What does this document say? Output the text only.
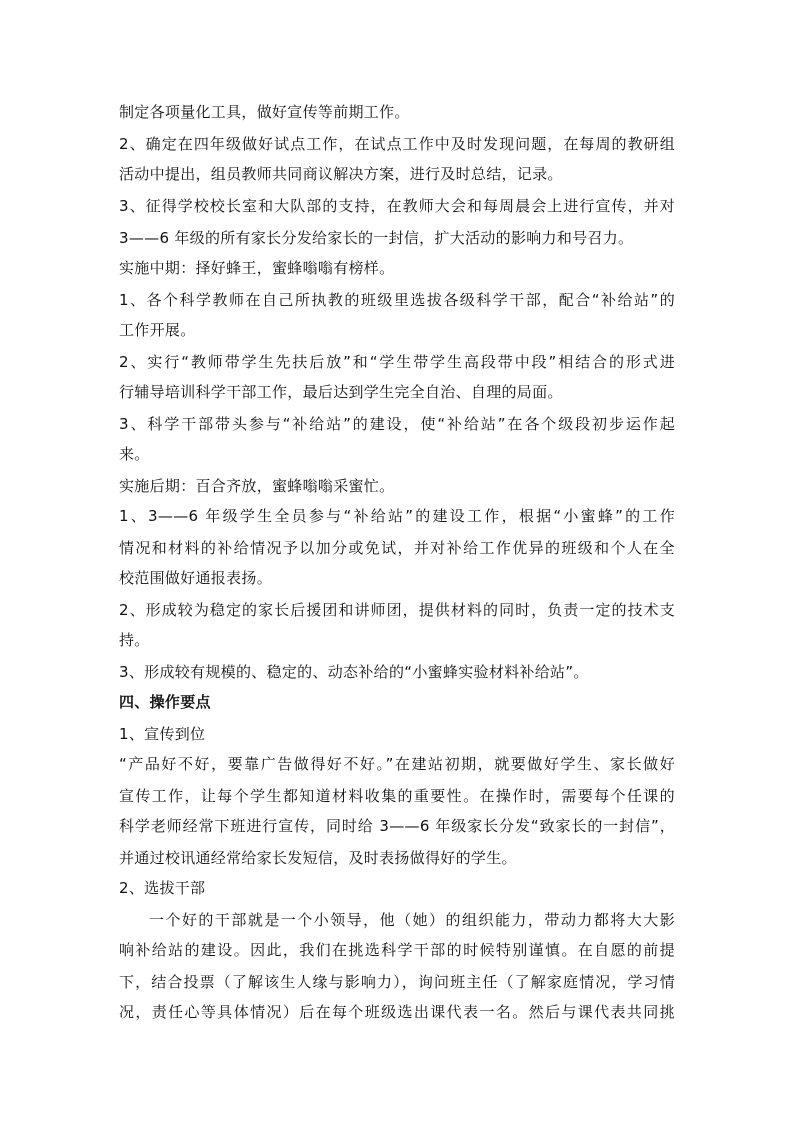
制定各项量化工具，做好宣传等前期工作。
2、确定在四年级做好试点工作，在试点工作中及时发现问题，在每周的教研组
活动中提出，组员教师共同商议解决方案，进行及时总结，记录。
3、征得学校校长室和大队部的支持，在教师大会和每周晨会上进行宣传，并对
3——6 年级的所有家长分发给家长的一封信，扩大活动的影响力和号召力。
实施中期：择好蜂王，蜜蜂嗡嗡有榜样。
1、各个科学教师在自己所执教的班级里选拔各级科学干部，配合“补给站”的
工作开展。
2、实行“教师带学生先扶后放”和“学生带学生高段带中段”相结合的形式进
行辅导培训科学干部工作，最后达到学生完全自治、自理的局面。
3、科学干部带头参与“补给站”的建设，使“补给站”在各个级段初步运作起
来。
实施后期：百合齐放，蜜蜂嗡嗡采蜜忙。
1、3——6 年级学生全员参与“补给站”的建设工作，根据“小蜜蜂”的工作
情况和材料的补给情况予以加分或免试，并对补给工作优异的班级和个人在全
校范围做好通报表扬。
2、形成较为稳定的家长后援团和讲师团，提供材料的同时，负责一定的技术支
持。
3、形成较有规模的、稳定的、动态补给的“小蜜蜂实验材料补给站”。
四、操作要点
1、宣传到位
“产品好不好，要靠广告做得好不好。”在建站初期，就要做好学生、家长做好
宣传工作，让每个学生都知道材料收集的重要性。在操作时，需要每个任课的
科学老师经常下班进行宣传，同时给 3——6 年级家长分发“致家长的一封信”，
并通过校讯通经常给家长发短信，及时表扬做得好的学生。
2、选拔干部
一个好的干部就是一个小领导，他（她）的组织能力，带动力都将大大影
响补给站的建设。因此，我们在挑选科学干部的时候特别谨慎。在自愿的前提
下，结合投票（了解该生人缘与影响力），询问班主任（了解家庭情况，学习情
况，责任心等具体情况）后在每个班级选出课代表一名。然后与课代表共同挑
